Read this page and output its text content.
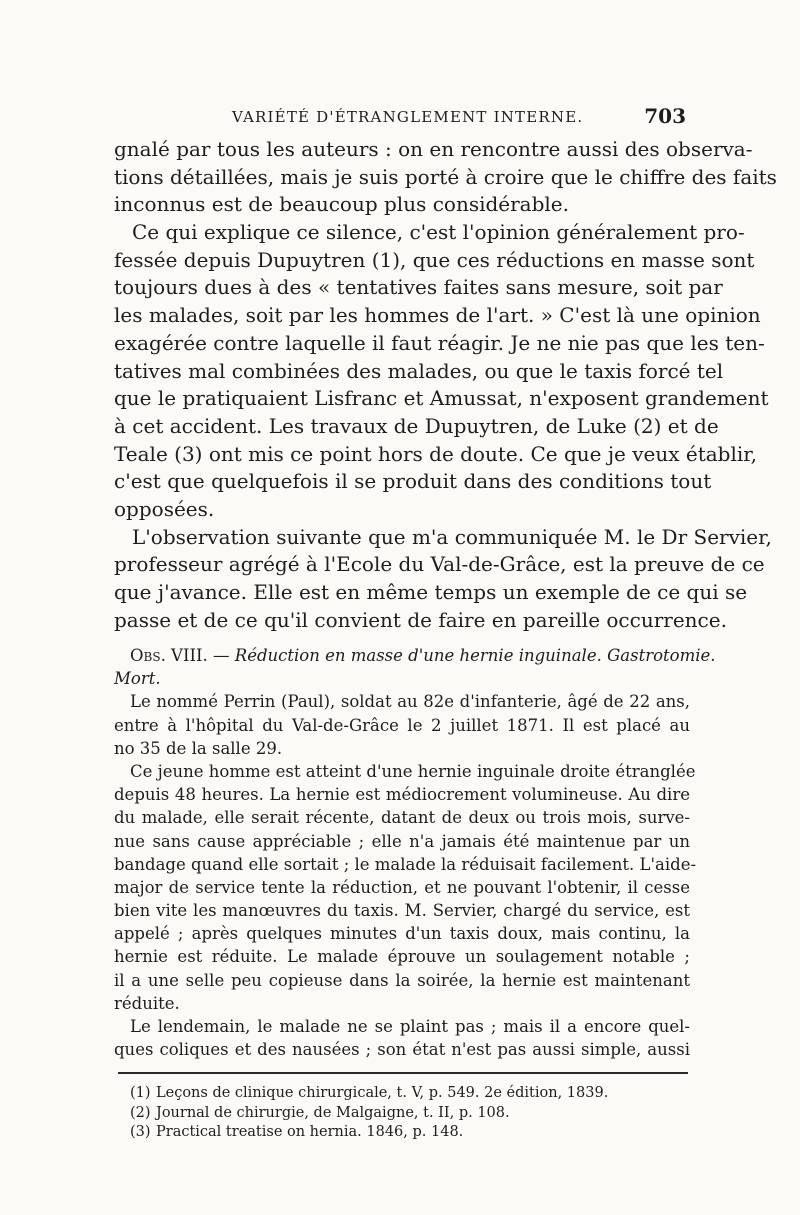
VARIÉTÉ D'ÉTRANGLEMENT INTERNE.	703
gnalé par tous les auteurs : on en rencontre aussi des observa-
tions détaillées, mais je suis porté à croire que le chiffre des faits
inconnus est de beaucoup plus considérable.
Ce qui explique ce silence, c'est l'opinion généralement pro-
fessée depuis Dupuytren (1), que ces réductions en masse sont
toujours dues à des « tentatives faites sans mesure, soit par
les malades, soit par les hommes de l'art. » C'est là une opinion
exagérée contre laquelle il faut réagir. Je ne nie pas que les ten-
tatives mal combinées des malades, ou que le taxis forcé tel
que le pratiquaient Lisfranc et Amussat, n'exposent grandement
à cet accident. Les travaux de Dupuytren, de Luke (2) et de
Teale (3) ont mis ce point hors de doute. Ce que je veux établir,
c'est que quelquefois il se produit dans des conditions tout
opposées.
L'observation suivante que m'a communiquée M. le Dr Servier,
professeur agrégé à l'Ecole du Val-de-Grâce, est la preuve de ce
que j'avance. Elle est en même temps un exemple de ce qui se
passe et de ce qu'il convient de faire en pareille occurrence.
Obs. VIII. — Réduction en masse d'une hernie inguinale. Gastrotomie.
Mort.
Le nommé Perrin (Paul), soldat au 82e d'infanterie, âgé de 22 ans,
entre à l'hôpital du Val-de-Grâce le 2 juillet 1871. Il est placé au
no 35 de la salle 29.
Ce jeune homme est atteint d'une hernie inguinale droite étranglée
depuis 48 heures. La hernie est médiocrement volumineuse. Au dire
du malade, elle serait récente, datant de deux ou trois mois, surve-
nue sans cause appréciable ; elle n'a jamais été maintenue par un
bandage quand elle sortait ; le malade la réduisait facilement. L'aide-
major de service tente la réduction, et ne pouvant l'obtenir, il cesse
bien vite les manœuvres du taxis. M. Servier, chargé du service, est
appelé ; après quelques minutes d'un taxis doux, mais continu, la
hernie est réduite. Le malade éprouve un soulagement notable ;
il a une selle peu copieuse dans la soirée, la hernie est maintenant
réduite.
Le lendemain, le malade ne se plaint pas ; mais il a encore quel-
ques coliques et des nausées ; son état n'est pas aussi simple, aussi
(1) Leçons de clinique chirurgicale, t. V, p. 549. 2e édition, 1839.
(2) Journal de chirurgie, de Malgaigne, t. II, p. 108.
(3) Practical treatise on hernia. 1846, p. 148.
